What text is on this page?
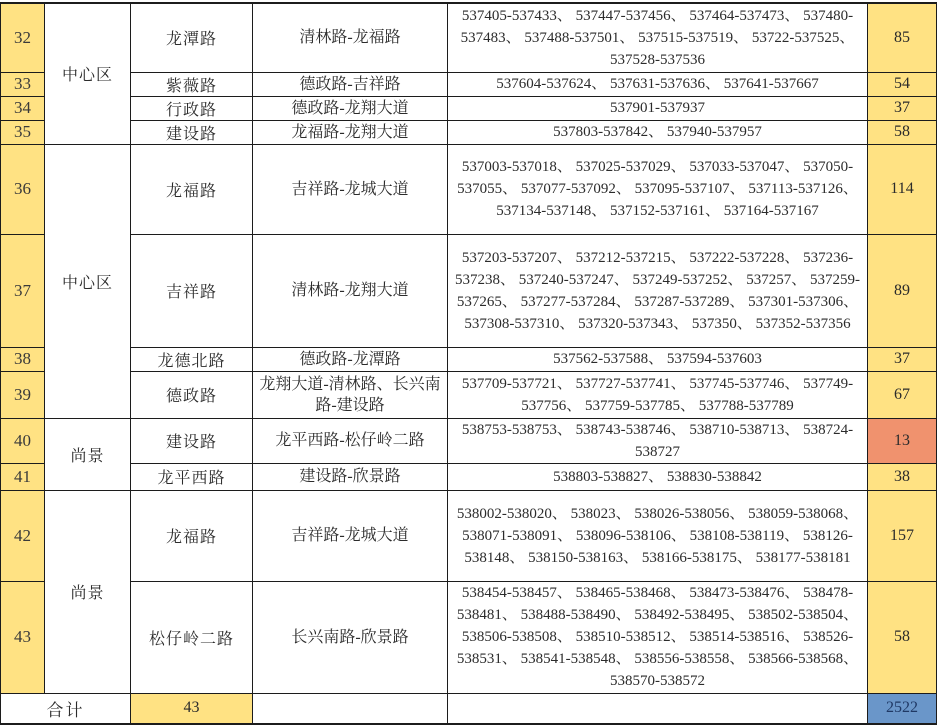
32	中心区	龙潭路	清林路-龙福路	537405-537433、 537447-537456、 537464-537473、 537480-537483、 537488-537501、 537515-537519、 53722-537525、 537528-537536	85
33		紫薇路	德政路-吉祥路	537604-537624、 537631-537636、 537641-537667	54
34		行政路	德政路-龙翔大道	537901-537937	37
35		建设路	龙福路-龙翔大道	537803-537842、 537940-537957	58
36	中心区	龙福路	吉祥路-龙城大道	537003-537018、 537025-537029、 537033-537047、 537050-537055、 537077-537092、 537095-537107、 537113-537126、 537134-537148、 537152-537161、 537164-537167	114
37		吉祥路	清林路-龙翔大道	537203-537207、 537212-537215、 537222-537228、 537236-537238、 537240-537247、 537249-537252、 537257、 537259-537265、 537277-537284、 537287-537289、 537301-537306、 537308-537310、 537320-537343、 537350、 537352-537356	89
38		龙德北路	德政路-龙潭路	537562-537588、 537594-537603	37
39		德政路	龙翔大道-清林路、长兴南路-建设路	537709-537721、 537727-537741、 537745-537746、 537749-537756、 537759-537785、 537788-537789	67
40	尚景	建设路	龙平西路-松仔岭二路	538753-538753、 538743-538746、 538710-538713、 538724-538727	13
41		龙平西路	建设路-欣景路	538803-538827、 538830-538842	38
42	尚景	龙福路	吉祥路-龙城大道	538002-538020、 538023、 538026-538056、 538059-538068、 538071-538091、 538096-538106、 538108-538119、 538126-538148、 538150-538163、 538166-538175、 538177-538181	157
43		松仔岭二路	长兴南路-欣景路	538454-538457、 538465-538468、 538473-538476、 538478-538481、 538488-538490、 538492-538495、 538502-538504、 538506-538508、 538510-538512、 538514-538516、 538526-538531、 538541-538548、 538556-538558、 538566-538568、 538570-538572	58
合计		43			2522
